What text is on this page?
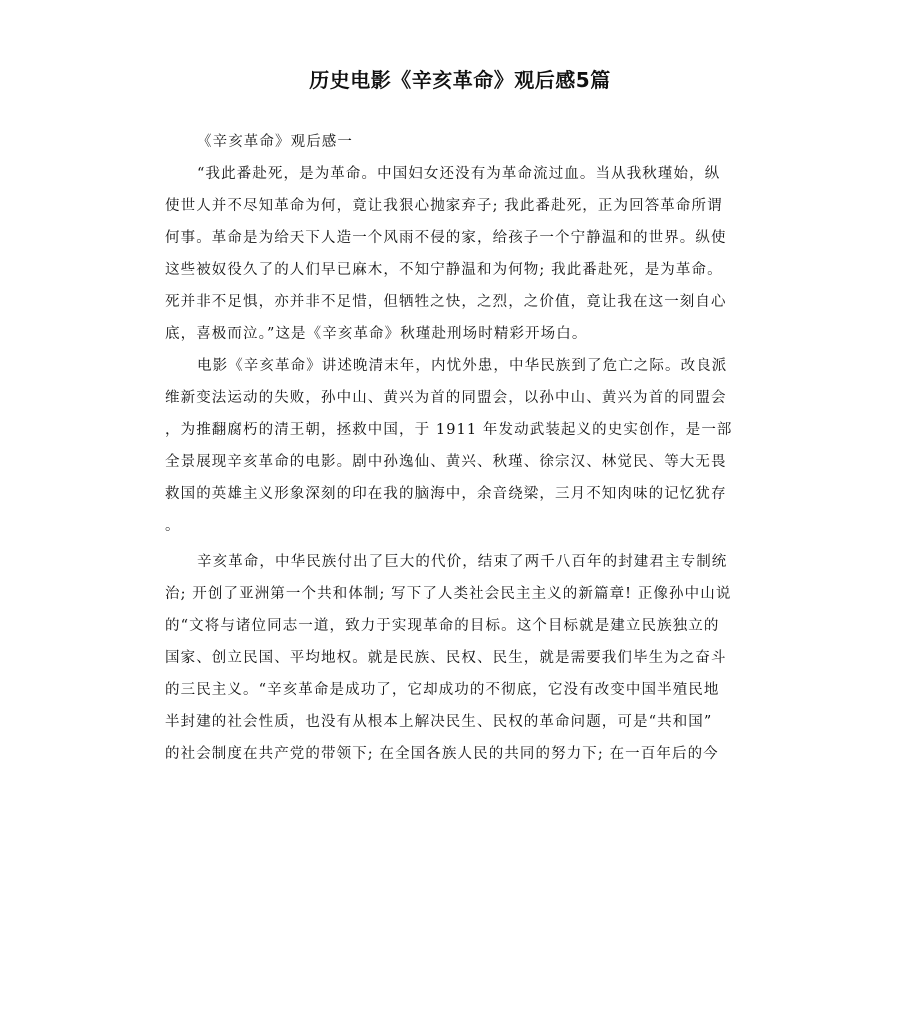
历史电影《辛亥革命》观后感5篇
《辛亥革命》观后感一
“我此番赴死，是为革命。中国妇女还没有为革命流过血。当从我秋瑾始，纵
使世人并不尽知革命为何，竟让我狠心抛家弃子; 我此番赴死，正为回答革命所谓
何事。革命是为给天下人造一个风雨不侵的家，给孩子一个宁静温和的世界。纵使
这些被奴役久了的人们早已麻木，不知宁静温和为何物; 我此番赴死，是为革命。
死并非不足惧，亦并非不足惜，但牺牲之快，之烈，之价值，竟让我在这一刻自心
底，喜极而泣。”这是《辛亥革命》秋瑾赴刑场时精彩开场白。
电影《辛亥革命》讲述晚清末年，内忧外患，中华民族到了危亡之际。改良派
维新变法运动的失败，孙中山、黄兴为首的同盟会，以孙中山、黄兴为首的同盟会
，为推翻腐朽的清王朝，拯救中国，于 1911 年发动武装起义的史实创作，是一部
全景展现辛亥革命的电影。剧中孙逸仙、黄兴、秋瑾、徐宗汉、林觉民、等大无畏
救国的英雄主义形象深刻的印在我的脑海中，余音绕梁，三月不知肉味的记忆犹存
。
辛亥革命，中华民族付出了巨大的代价，结束了两千八百年的封建君主专制统
治; 开创了亚洲第一个共和体制; 写下了人类社会民主主义的新篇章! 正像孙中山说
的“文将与诸位同志一道，致力于实现革命的目标。这个目标就是建立民族独立的
国家、创立民国、平均地权。就是民族、民权、民生，就是需要我们毕生为之奋斗
的三民主义。“辛亥革命是成功了，它却成功的不彻底，它没有改变中国半殖民地
半封建的社会性质，也没有从根本上解决民生、民权的革命问题，可是“共和国”
的社会制度在共产党的带领下; 在全国各族人民的共同的努力下; 在一百年后的今
